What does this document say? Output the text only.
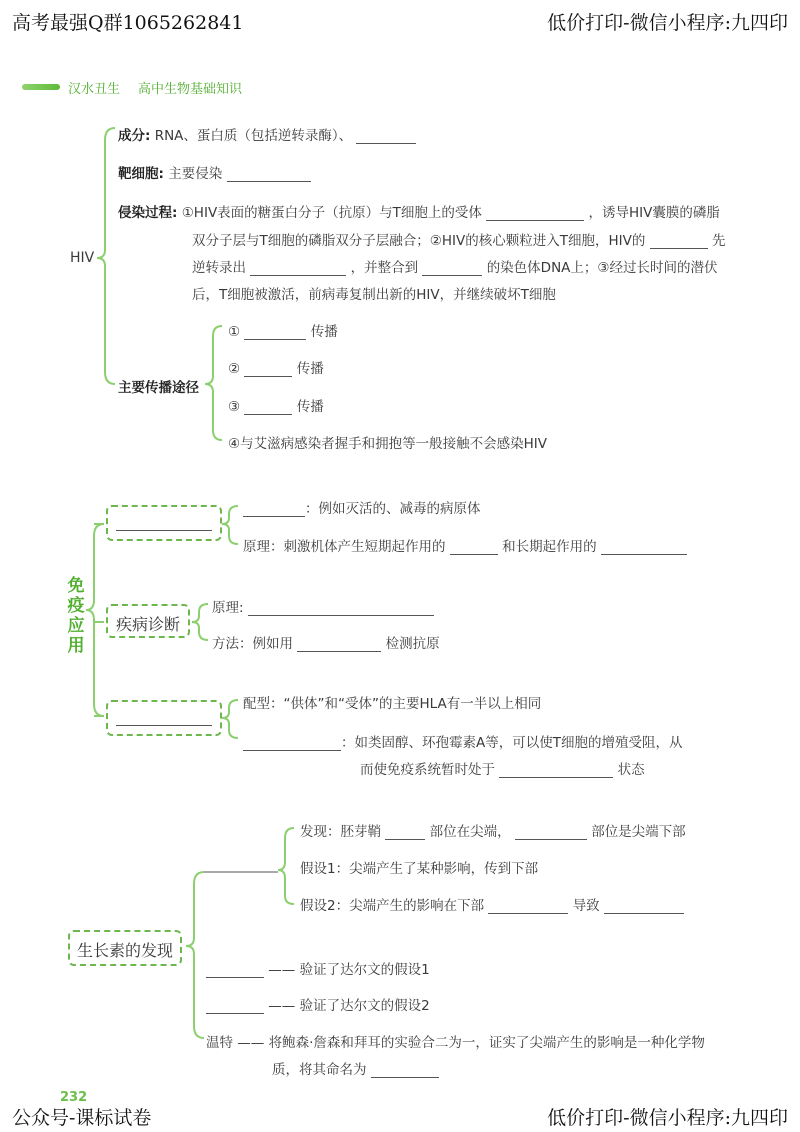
高考最强Q群1065262841	低价打印-微信小程序:九四印
汉水丑生 高中生物基础知识
HIV
成分: RNA、蛋白质（包括逆转录酶）、
靶细胞: 主要侵染
侵染过程: ①HIV表面的糖蛋白分子（抗原）与T细胞上的受体	，诱导HIV囊膜的磷脂
双分子层与T细胞的磷脂双分子层融合；②HIV的核心颗粒进入T细胞，HIV的	先
逆转录出	，并整合到	的染色体DNA上；③经过长时间的潜伏
后，T细胞被激活，前病毒复制出新的HIV，并继续破坏T细胞
主要传播途径
①	传播
②	传播
③	传播
④与艾滋病感染者握手和拥抱等一般接触不会感染HIV
免
疫
应
用
：例如灭活的、减毒的病原体
原理：刺激机体产生短期起作用的	和长期起作用的
疾病诊断
原理:
方法：例如用	检测抗原
配型：“供体”和“受体”的主要HLA有一半以上相同
：如类固醇、环孢霉素A等，可以使T细胞的增殖受阻，从
而使免疫系统暂时处于	状态
生长素的发现
发现：胚芽鞘	部位在尖端，	部位是尖端下部
假设1：尖端产生了某种影响，传到下部
假设2：尖端产生的影响在下部	导致
—— 验证了达尔文的假设1
—— 验证了达尔文的假设2
温特 —— 将鲍森·詹森和拜耳的实验合二为一，证实了尖端产生的影响是一种化学物
质，将其命名为
232
公众号-课标试卷	低价打印-微信小程序:九四印
